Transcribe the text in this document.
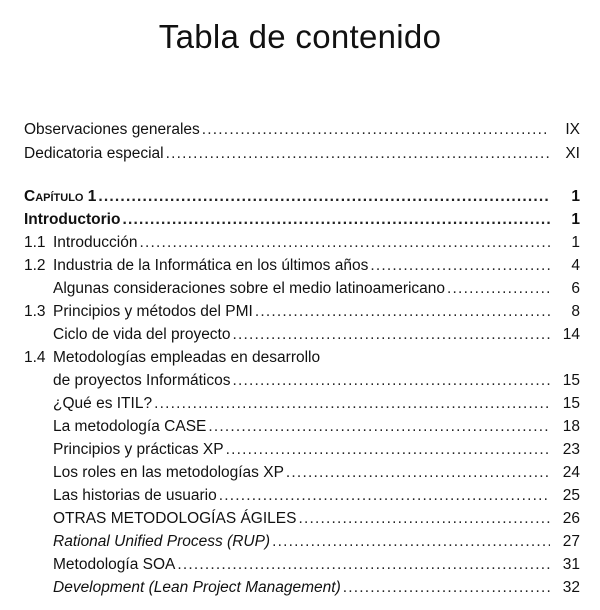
Tabla de contenido
Observaciones generales .....	IX
Dedicatoria especial .....	XI
Capítulo 1 .....	1
Introductorio .....	1
1.1 Introducción .....	1
1.2 Industria de la Informática en los últimos años .....	4
Algunas consideraciones sobre el medio latinoamericano .....	6
1.3 Principios y métodos del PMI .....	8
Ciclo de vida del proyecto .....	14
1.4 Metodologías empleadas en desarrollo
de proyectos Informáticos .....	15
¿Qué es ITIL? .....	15
La metodología CASE .....	18
Principios y prácticas XP .....	23
Los roles en las metodologías XP .....	24
Las historias de usuario .....	25
OTRAS METODOLOGÍAS ÁGILES .....	26
Rational Unified Process (RUP) .....	27
Metodología SOA .....	31
Development (Lean Project Management) .....	32
